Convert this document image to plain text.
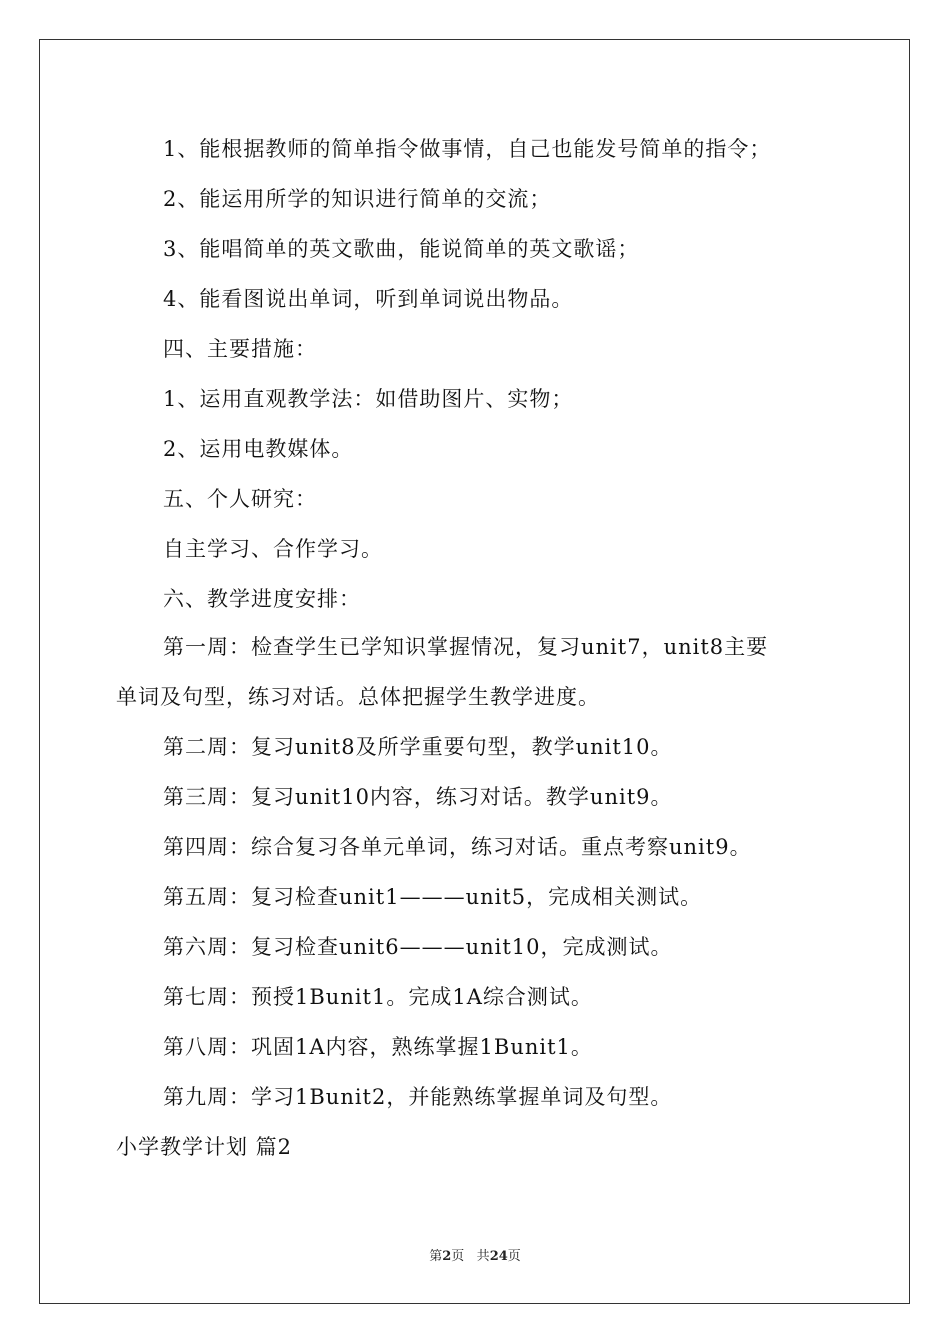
1、能根据教师的简单指令做事情，自己也能发号简单的指令；
2、能运用所学的知识进行简单的交流；
3、能唱简单的英文歌曲，能说简单的英文歌谣；
4、能看图说出单词，听到单词说出物品。
四、主要措施：
1、运用直观教学法：如借助图片、实物；
2、运用电教媒体。
五、个人研究：
自主学习、合作学习。
六、教学进度安排：
第一周：检查学生已学知识掌握情况，复习unit7，unit8主要
单词及句型，练习对话。总体把握学生教学进度。
第二周：复习unit8及所学重要句型，教学unit10。
第三周：复习unit10内容，练习对话。教学unit9。
第四周：综合复习各单元单词，练习对话。重点考察unit9。
第五周：复习检查unit1———unit5，完成相关测试。
第六周：复习检查unit6———unit10，完成测试。
第七周：预授1Bunit1。完成1A综合测试。
第八周：巩固1A内容，熟练掌握1Bunit1。
第九周：学习1Bunit2，并能熟练掌握单词及句型。
小学教学计划 篇2
第2页 共24页
